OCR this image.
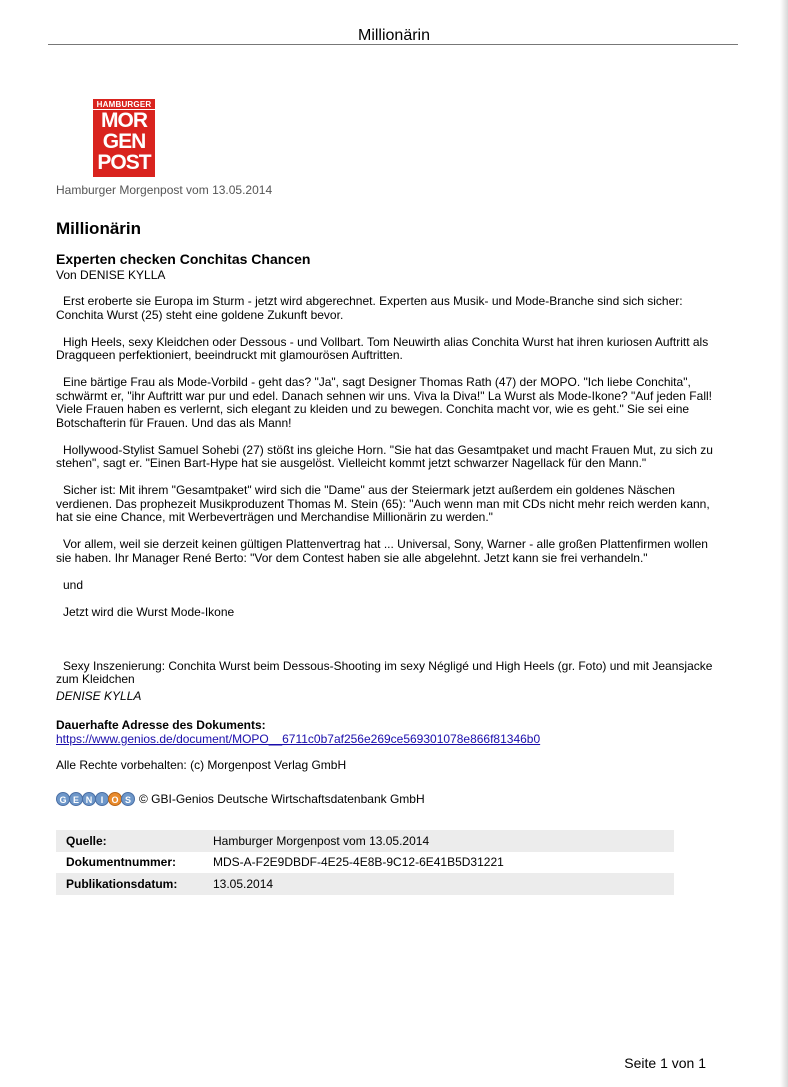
Millionärin
HAMBURGER
MOR
GEN
POST
Hamburger Morgenpost vom 13.05.2014
Millionärin
Experten checken Conchitas Chancen
Von DENISE KYLLA

Erst eroberte sie Europa im Sturm - jetzt wird abgerechnet. Experten aus Musik- und Mode-Branche sind sich sicher: Conchita Wurst (25) steht eine goldene Zukunft bevor.

High Heels, sexy Kleidchen oder Dessous - und Vollbart. Tom Neuwirth alias Conchita Wurst hat ihren kuriosen Auftritt als Dragqueen perfektioniert, beeindruckt mit glamourösen Auftritten.

Eine bärtige Frau als Mode-Vorbild - geht das? "Ja", sagt Designer Thomas Rath (47) der MOPO. "Ich liebe Conchita", schwärmt er, "ihr Auftritt war pur und edel. Danach sehnen wir uns. Viva la Diva!" La Wurst als Mode-Ikone? "Auf jeden Fall! Viele Frauen haben es verlernt, sich elegant zu kleiden und zu bewegen. Conchita macht vor, wie es geht." Sie sei eine Botschafterin für Frauen. Und das als Mann!

Hollywood-Stylist Samuel Sohebi (27) stößt ins gleiche Horn. "Sie hat das Gesamtpaket und macht Frauen Mut, zu sich zu stehen", sagt er. "Einen Bart-Hype hat sie ausgelöst. Vielleicht kommt jetzt schwarzer Nagellack für den Mann."

Sicher ist: Mit ihrem "Gesamtpaket" wird sich die "Dame" aus der Steiermark jetzt außerdem ein goldenes Näschen verdienen. Das prophezeit Musikproduzent Thomas M. Stein (65): "Auch wenn man mit CDs nicht mehr reich werden kann, hat sie eine Chance, mit Werbeverträgen und Merchandise Millionärin zu werden."

Vor allem, weil sie derzeit keinen gültigen Plattenvertrag hat ... Universal, Sony, Warner - alle großen Plattenfirmen wollen sie haben. Ihr Manager René Berto: "Vor dem Contest haben sie alle abgelehnt. Jetzt kann sie frei verhandeln."

und

Jetzt wird die Wurst Mode-Ikone

Sexy Inszenierung: Conchita Wurst beim Dessous-Shooting im sexy Négligé und High Heels (gr. Foto) und mit Jeansjacke zum Kleidchen

DENISE KYLLA

Dauerhafte Adresse des Dokuments:
https://www.genios.de/document/MOPO__6711c0b7af256e269ce569301078e866f81346b0
Alle Rechte vorbehalten: (c) Morgenpost Verlag GmbH
G E N I O S © GBI-Genios Deutsche Wirtschaftsdatenbank GmbH
Quelle:	Hamburger Morgenpost vom 13.05.2014
Dokumentnummer:	MDS-A-F2E9DBDF-4E25-4E8B-9C12-6E41B5D31221
Publikationsdatum:	13.05.2014
Seite 1 von 1
